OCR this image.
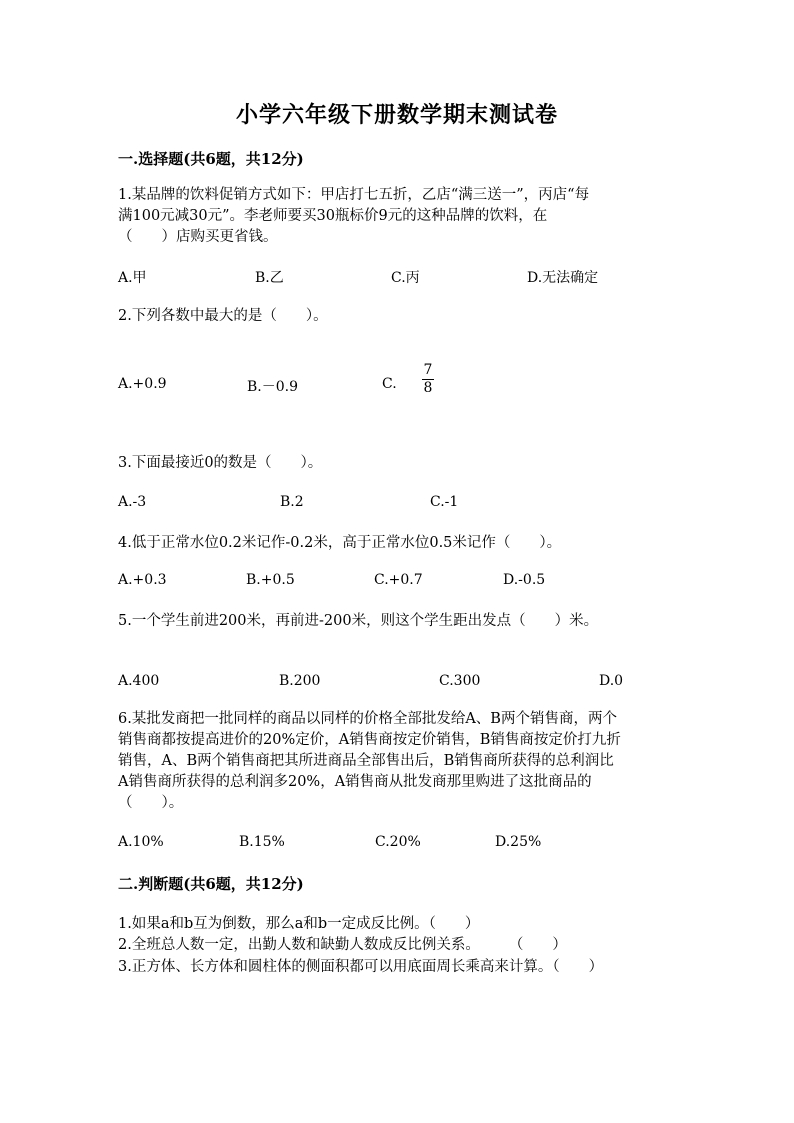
小学六年级下册数学期末测试卷
一.选择题(共6题，共12分)
1.某品牌的饮料促销方式如下：甲店打七五折，乙店“满三送一”，丙店“每
满100元减30元”。李老师要买30瓶标价9元的这种品牌的饮料，在
（　　）店购买更省钱。
A.甲	B.乙	C.丙	D.无法确定
2.下列各数中最大的是（　　）。
A.+0.9	B.－0.9	C.
7
8
3.下面最接近0的数是（　　）。
A.-3	B.2	C.-1
4.低于正常水位0.2米记作-0.2米，高于正常水位0.5米记作（　　）。
A.+0.3	B.+0.5	C.+0.7	D.-0.5
5.一个学生前进200米，再前进-200米，则这个学生距出发点（　　）米。
A.400	B.200	C.300	D.0
6.某批发商把一批同样的商品以同样的价格全部批发给A、B两个销售商，两个
销售商都按提高进价的20%定价，A销售商按定价销售，B销售商按定价打九折
销售，A、B两个销售商把其所进商品全部售出后，B销售商所获得的总利润比
A销售商所获得的总利润多20%，A销售商从批发商那里购进了这批商品的
（　　）。
A.10%	B.15%	C.20%	D.25%
二.判断题(共6题，共12分)
1.如果a和b互为倒数，那么a和b一定成反比例。（　　）
2.全班总人数一定，出勤人数和缺勤人数成反比例关系。　　　（　　）
3.正方体、长方体和圆柱体的侧面积都可以用底面周长乘高来计算。（　　）
